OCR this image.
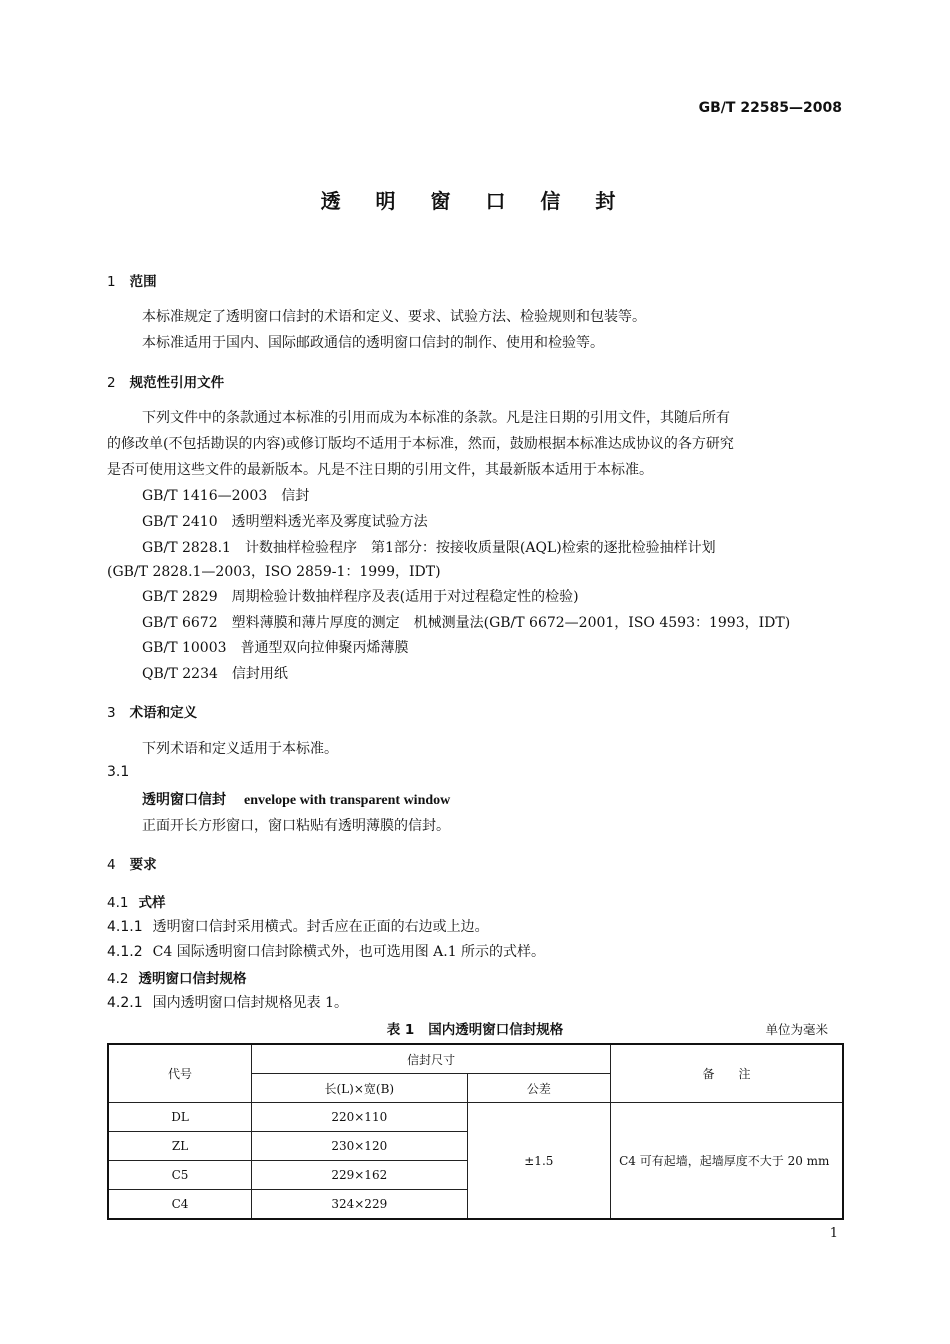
GB/T 22585—2008
透 明 窗 口 信 封
1 范围
本标准规定了透明窗口信封的术语和定义、要求、试验方法、检验规则和包装等。
本标准适用于国内、国际邮政通信的透明窗口信封的制作、使用和检验等。
2 规范性引用文件
下列文件中的条款通过本标准的引用而成为本标准的条款。凡是注日期的引用文件，其随后所有
的修改单(不包括勘误的内容)或修订版均不适用于本标准，然而，鼓励根据本标准达成协议的各方研究
是否可使用这些文件的最新版本。凡是不注日期的引用文件，其最新版本适用于本标准。
GB/T 1416—2003 信封
GB/T 2410 透明塑料透光率及雾度试验方法
GB/T 2828.1 计数抽样检验程序　第1部分：按接收质量限(AQL)检索的逐批检验抽样计划
(GB/T 2828.1—2003，ISO 2859-1：1999，IDT)
GB/T 2829 周期检验计数抽样程序及表(适用于对过程稳定性的检验)
GB/T 6672 塑料薄膜和薄片厚度的测定　机械测量法(GB/T 6672—2001，ISO 4593：1993，IDT)
GB/T 10003 普通型双向拉伸聚丙烯薄膜
QB/T 2234 信封用纸
3 术语和定义
下列术语和定义适用于本标准。
3.1
透明窗口信封 envelope with transparent window
正面开长方形窗口，窗口粘贴有透明薄膜的信封。
4 要求
4.1 式样
4.1.1 透明窗口信封采用横式。封舌应在正面的右边或上边。
4.1.2 C4 国际透明窗口信封除横式外，也可选用图 A.1 所示的式样。
4.2 透明窗口信封规格
4.2.1 国内透明窗口信封规格见表 1。
表 1 国内透明窗口信封规格	单位为毫米
代号	信封尺寸		备　　注
	长(L)×宽(B)	公差	
DL	220×110	±1.5	C4 可有起墙，起墙厚度不大于 20 mm
ZL	230×120		
C5	229×162		
C4	324×229		
1
